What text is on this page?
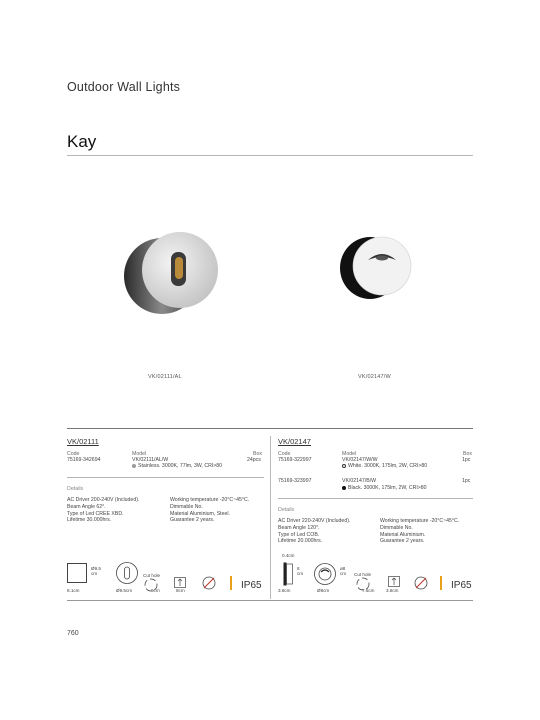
Outdoor Wall Lights
Kay
VK/02111/AL	VK/02147/W
VK/02111
Code	Model	Box
75169-342694	VK/02111/AL/W	24pcs
Stainless. 3000K, 77lm, 3W, CRI>80
Details
AC Driver 200-240V (Included).
Beam Angle 62°.
Type of Led CREE XBD.
Lifetime 30.000hrs.
Working temperature -20°C~45°C.
Dimmable No.
Material Aluminium, Steel.
Guarantee 2 years.
Ø9.5 cm
8.1cm	Ø9.5cm
Cut hole
9cm	8cm	IP65
VK/02147
Code	Model	Box
75169-322997	VK/02147/W/W	1pc
White. 3000K, 175lm, 2W, CRI>80
75169-323997	VK/02147/B/W	1pc
Black. 3000K, 175lm, 2W, CRI>80
Details
AC Driver 220-240V (Included).
Beam Angle 120°.
Type of Led COB.
Lifetime 20.000hrs.
Working temperature -20°C~45°C.
Dimmable No.
Material Aluminium.
Guarantee 2 years.
0.4cm
8 cm
3.8cm	Ø8cm
ø8 cm	Cut hole
7.5cm 3.8cm	IP65
760
